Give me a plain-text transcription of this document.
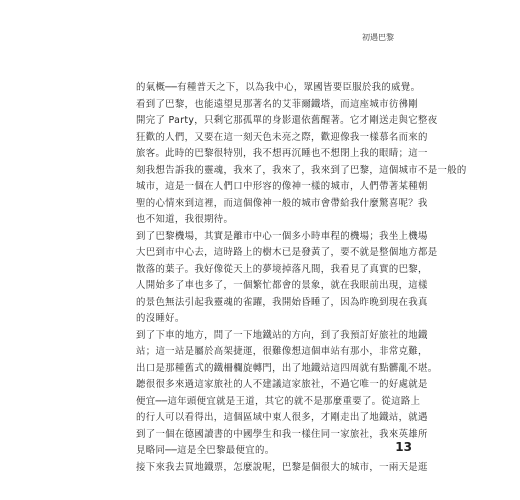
初遇巴黎
的氣概──有種普天之下，以為我中心，眾國皆要臣服於我的威覺。
看到了巴黎，也能遠望見那著名的艾菲爾鐵塔，而這座城市彷彿剛
開完了 Party，只剩它那孤單的身影還依舊醒著。它才剛送走與它整夜
狂歡的人們，又要在這一刻天色未亮之際，歡迎像我一樣慕名而來的
旅客。此時的巴黎很特別，我不想再沉睡也不想閉上我的眼睛；這一
刻我想告訴我的靈魂，我來了，我來了，我來到了巴黎，這個城市不是一般的
城市，這是一個在人們口中形容的像神一樣的城市，人們帶著某種朝
聖的心情來到這裡，而這個像神一般的城市會帶給我什麼驚喜呢？我
也不知道，我很期待。
到了巴黎機場，其實是離市中心一個多小時車程的機場；我坐上機場
大巴到市中心去，這時路上的樹木已是發黃了，要不就是整個地方都是
散落的葉子。我好像從天上的夢境掉落凡間，我看見了真實的巴黎，
人開始多了車也多了，一個繁忙都會的景象，就在我眼前出現，這樣
的景色無法引起我靈魂的雀躍，我開始昏睡了，因為昨晚到現在我真
的沒睡好。
到了下車的地方，問了一下地鐵站的方向，到了我預訂好旅社的地鐵
站；這一站是屬於高架捷運，很難像想這個車站有那小，非常克難，
出口是那種舊式的鐵柵欄旋轉門，出了地鐵站這四周就有點髒亂不堪。
聽很很多來過這家旅社的人不建議這家旅社，不過它唯一的好處就是
便宜──這年頭便宜就是王道，其它的就不是那麼重要了。從這路上
的行人可以看得出，這個區域中東人很多，才剛走出了地鐵站，就遇
到了一個在德國讀書的中國學生和我一樣住同一家旅社，我來英雄所
見略同──這是全巴黎最便宜的。
接下來我去買地鐵票，怎麼說呢，巴黎是個很大的城市，一兩天是逛
13
